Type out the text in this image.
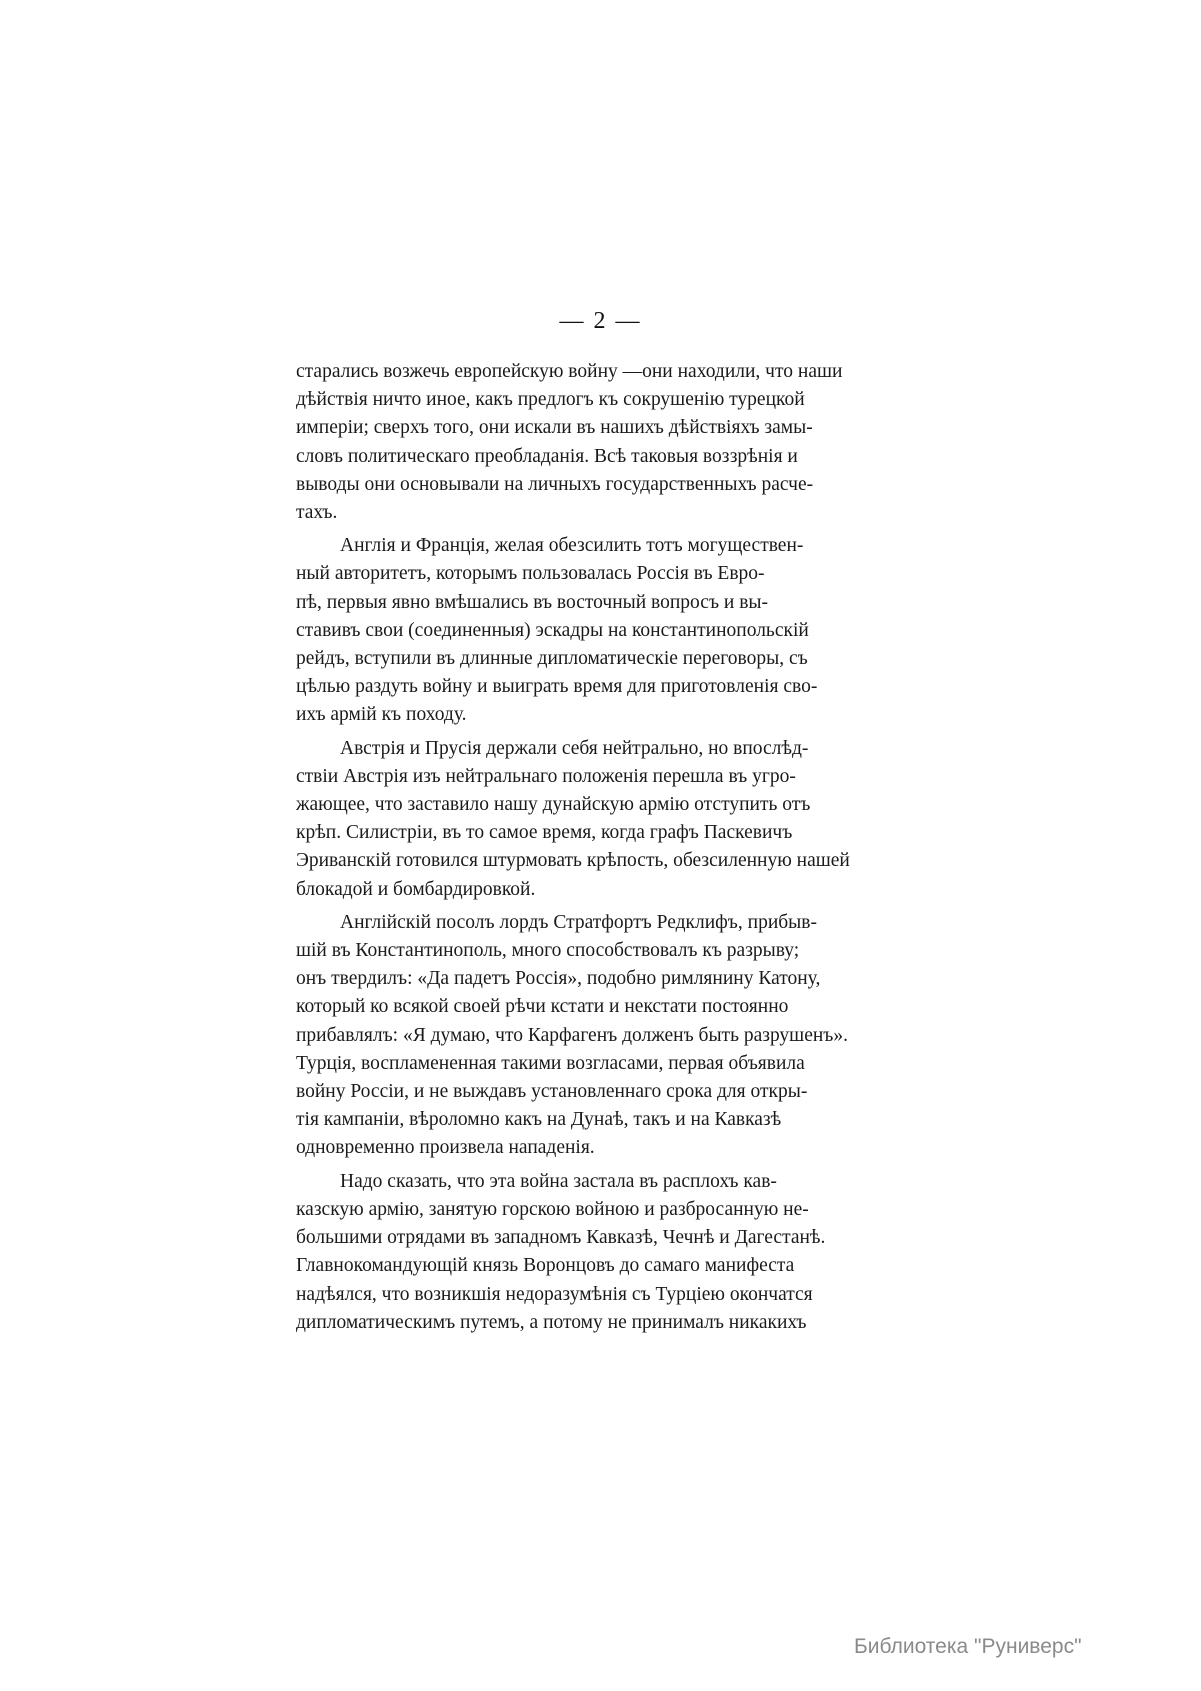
— 2 —

старались возжечь европейскую войну —они находили, что наши
дѣйствія ничто иное, какъ предлогъ къ сокрушенію турецкой
имперіи; сверхъ того, они искали въ нашихъ дѣйствіяхъ замы-
словъ политическаго преобладанія. Всѣ таковыя воззрѣнія и
выводы они основывали на личныхъ государственныхъ расче-
тахъ.

Англія и Франція, желая обезсилить тотъ могуществен-
ный авторитетъ, которымъ пользовалась Россія въ Евро-
пѣ, первыя явно вмѣшались въ восточный вопросъ и вы-
ставивъ свои (соединенныя) эскадры на константинопольскій
рейдъ, вступили въ длинные дипломатическіе переговоры, съ
цѣлью раздуть войну и выиграть время для приготовленія сво-
ихъ армій къ походу.

Австрія и Прусія держали себя нейтрально, но впослѣд-
ствіи Австрія изъ нейтральнаго положенія перешла въ угро-
жающее, что заставило нашу дунайскую армію отступить отъ
крѣп. Силистріи, въ то самое время, когда графъ Паскевичъ
Эриванскій готовился штурмовать крѣпость, обезсиленную нашей
блокадой и бомбардировкой.

Англійскій посолъ лордъ Стратфортъ Редклифъ, прибыв-
шій въ Константинополь, много способствовалъ къ разрыву;
онъ твердилъ: «Да падетъ Россія», подобно римлянину Катону,
который ко всякой своей рѣчи кстати и некстати постоянно
прибавлялъ: «Я думаю, что Карфагенъ долженъ быть разрушенъ».
Турція, воспламененная такими возгласами, первая объявила
войну Россіи, и не выждавъ установленнаго срока для откры-
тія кампаніи, вѣроломно какъ на Дунаѣ, такъ и на Кавказѣ
одновременно произвела нападенія.

Надо сказать, что эта война застала въ расплохъ кав-
казскую армію, занятую горскою войною и разбросанную не-
большими отрядами въ западномъ Кавказѣ, Чечнѣ и Дагестанѣ.
Главнокомандующій князь Воронцовъ до самаго манифеста
надѣялся, что возникшія недоразумѣнія съ Турціею окончатся
дипломатическимъ путемъ, а потому не принималъ никакихъ

Библиотека "Руниверс"
